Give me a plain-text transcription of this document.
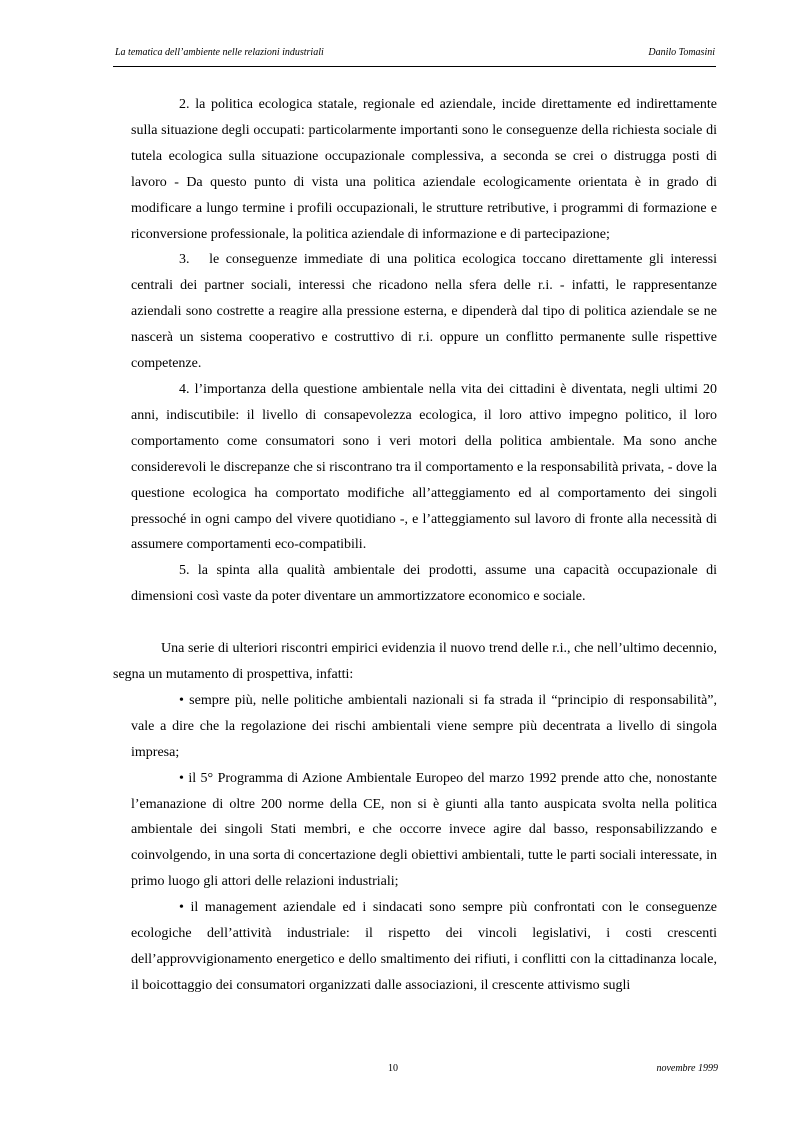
La tematica dell’ambiente nelle relazioni industriali	Danilo Tomasini

2. la politica ecologica statale, regionale ed aziendale, incide direttamente ed indirettamente sulla situazione degli occupati: particolarmente importanti sono le conseguenze della richiesta sociale di tutela ecologica sulla situazione occupazionale complessiva, a seconda se crei o distrugga posti di lavoro - Da questo punto di vista una politica aziendale ecologicamente orientata è in grado di modificare a lungo termine i profili occupazionali, le strutture retributive, i programmi di formazione e riconversione professionale, la politica aziendale di informazione e di partecipazione;

3. le conseguenze immediate di una politica ecologica toccano direttamente gli interessi centrali dei partner sociali, interessi che ricadono nella sfera delle r.i. - infatti, le rappresentanze aziendali sono costrette a reagire alla pressione esterna, e dipenderà dal tipo di politica aziendale se ne nascerà un sistema cooperativo e costruttivo di r.i. oppure un conflitto permanente sulle rispettive competenze.

4. l’importanza della questione ambientale nella vita dei cittadini è diventata, negli ultimi 20 anni, indiscutibile: il livello di consapevolezza ecologica, il loro attivo impegno politico, il loro comportamento come consumatori sono i veri motori della politica ambientale. Ma sono anche considerevoli le discrepanze che si riscontrano tra il comportamento e la responsabilità privata, - dove la questione ecologica ha comportato modifiche all’atteggiamento ed al comportamento dei singoli pressoché in ogni campo del vivere quotidiano -, e l’atteggiamento sul lavoro di fronte alla necessità di assumere comportamenti eco-compatibili.

5. la spinta alla qualità ambientale dei prodotti, assume una capacità occupazionale di dimensioni così vaste da poter diventare un ammortizzatore economico e sociale.

Una serie di ulteriori riscontri empirici evidenzia il nuovo trend delle r.i., che nell’ultimo decennio, segna un mutamento di prospettiva, infatti:

• sempre più, nelle politiche ambientali nazionali si fa strada il “principio di responsabilità”, vale a dire che la regolazione dei rischi ambientali viene sempre più decentrata a livello di singola impresa;

• il 5° Programma di Azione Ambientale Europeo del marzo 1992 prende atto che, nonostante l’emanazione di oltre 200 norme della CE, non si è giunti alla tanto auspicata svolta nella politica ambientale dei singoli Stati membri, e che occorre invece agire dal basso, responsabilizzando e coinvolgendo, in una sorta di concertazione degli obiettivi ambientali, tutte le parti sociali interessate, in primo luogo gli attori delle relazioni industriali;

• il management aziendale ed i sindacati sono sempre più confrontati con le conseguenze ecologiche dell’attività industriale: il rispetto dei vincoli legislativi, i costi crescenti dell’approvvigionamento energetico e dello smaltimento dei rifiuti, i conflitti con la cittadinanza locale, il boicottaggio dei consumatori organizzati dalle associazioni, il crescente attivismo sugli

10	novembre 1999
